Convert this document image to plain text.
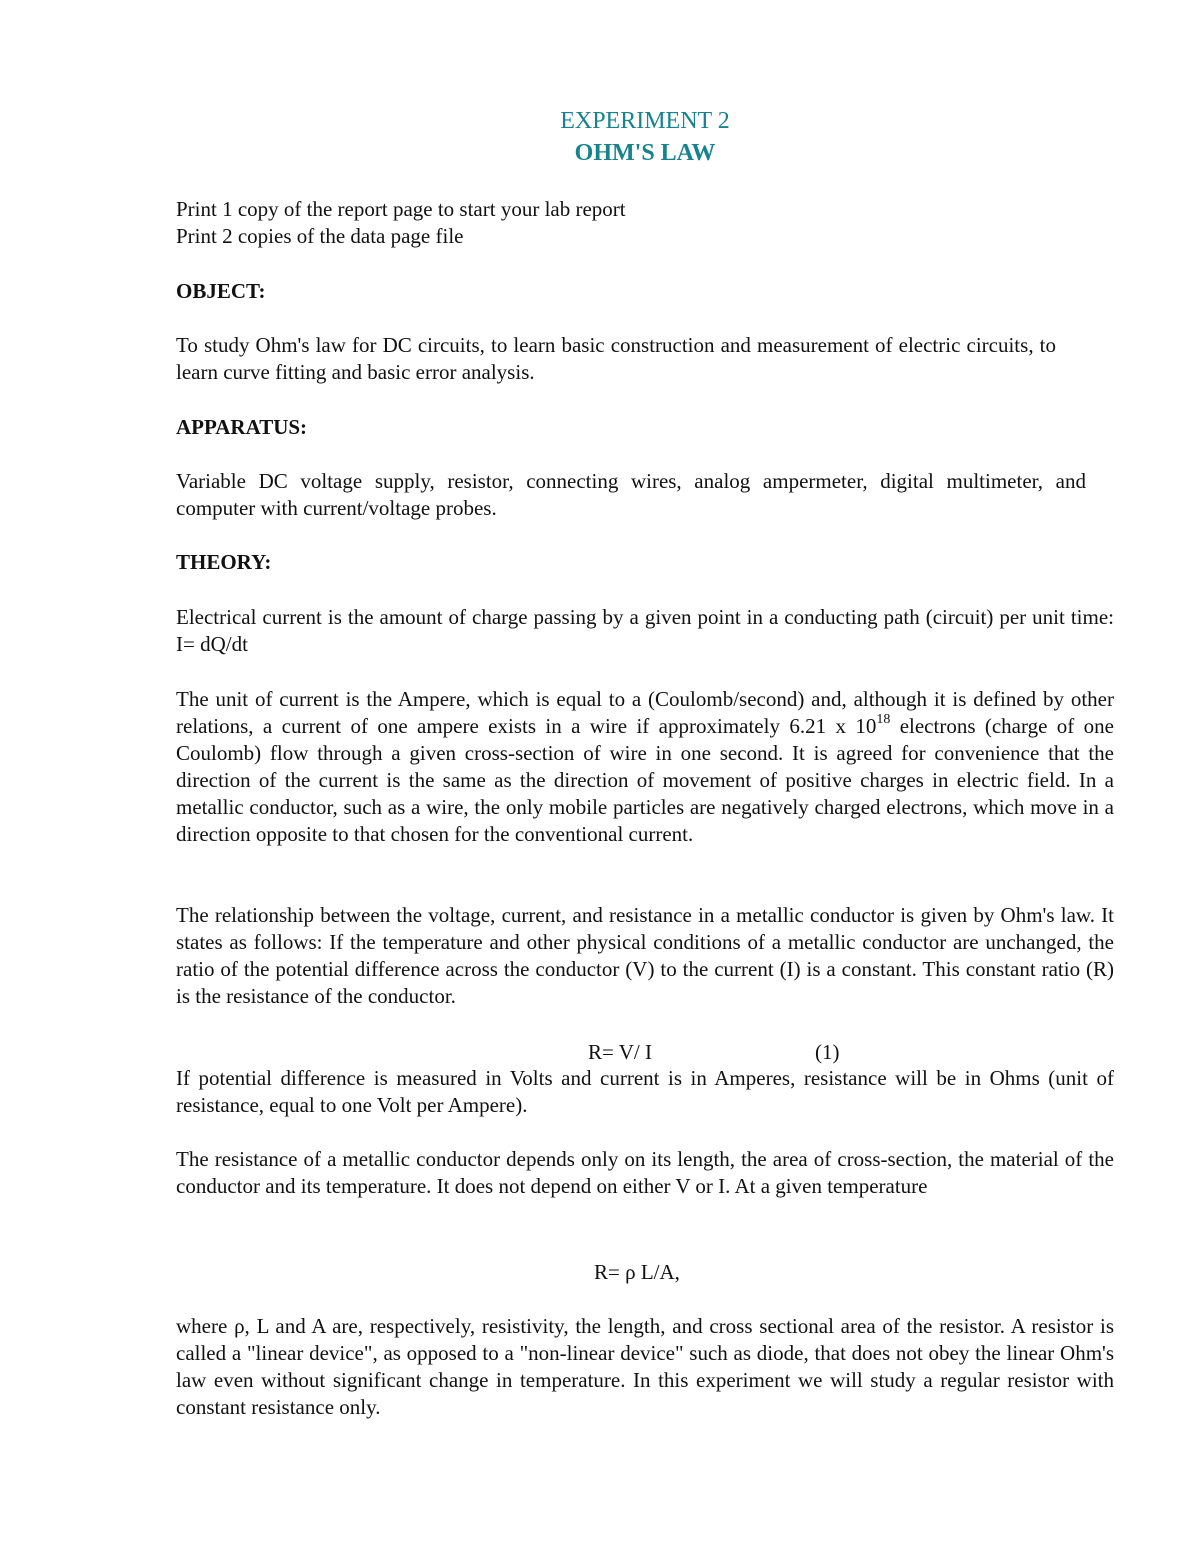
EXPERIMENT 2
OHM'S LAW
Print 1 copy of the report page to start your lab report
Print 2 copies of the data page file
OBJECT:
To study Ohm's law for DC circuits, to learn basic construction and measurement of electric circuits, to learn curve fitting and basic error analysis.
APPARATUS:
Variable DC voltage supply, resistor, connecting wires, analog ampermeter, digital multimeter, and computer with current/voltage probes.
THEORY:
Electrical current is the amount of charge passing by a given point in a conducting path (circuit) per unit time: I= dQ/dt
The unit of current is the Ampere, which is equal to a (Coulomb/second) and, although it is defined by other relations, a current of one ampere exists in a wire if approximately 6.21 x $10^{18}$ electrons (charge of one Coulomb) flow through a given cross-section of wire in one second. It is agreed for convenience that the direction of the current is the same as the direction of movement of positive charges in electric field. In a metallic conductor, such as a wire, the only mobile particles are negatively charged electrons, which move in a direction opposite to that chosen for the conventional current.
The relationship between the voltage, current, and resistance in a metallic conductor is given by Ohm's law. It states as follows: If the temperature and other physical conditions of a metallic conductor are unchanged, the ratio of the potential difference across the conductor (V) to the current (I) is a constant. This constant ratio (R) is the resistance of the conductor.
R= V/ I	(1)
If potential difference is measured in Volts and current is in Amperes, resistance will be in Ohms (unit of resistance, equal to one Volt per Ampere).
The resistance of a metallic conductor depends only on its length, the area of cross-section, the material of the conductor and its temperature. It does not depend on either V or I. At a given temperature
R= ρ L/A,
where ρ, L and A are, respectively, resistivity, the length, and cross sectional area of the resistor. A resistor is called a "linear device", as opposed to a "non-linear device" such as diode, that does not obey the linear Ohm's law even without significant change in temperature. In this experiment we will study a regular resistor with constant resistance only.
